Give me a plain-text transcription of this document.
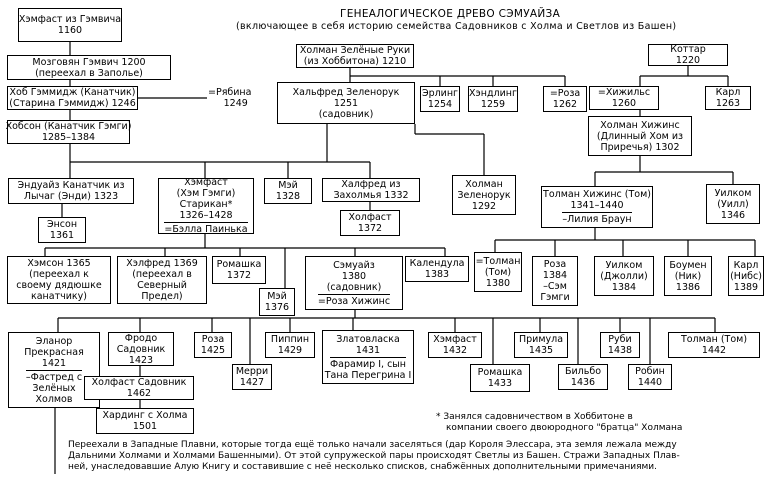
ГЕНЕАЛОГИЧЕСКОЕ ДРЕВО СЭМУАЙЗА
(включающее в себя историю семейства Садовников с Холма и Светлов из Башен)
Хэмфаст из Гэмвича
1160
Мозговян Гэмвич 1200
(переехал в Заполье)
Хоб Гэммидж (Канатчик)
(Старина Гэммидж) 1246
=Рябина
1249
Хобсон (Канатчик Гэмги)
1285–1384
Холман Зелёные Руки
(из Хоббитона) 1210
Хальфред Зеленорук
1251
(садовник)
Эрлинг
1254
Хэндлинг
1259
=Роза
1262
=Хижильс
1260
Коттар
1220
Карл
1263
Холман Хижинс
(Длинный Хом из
Приречья) 1302
Холман
Зеленорук
1292
Толман Хижинс (Том)
1341–1440
–Лилия Браун
Уилком
(Уилл)
1346
Эндуайз Канатчик из
Лычаг (Энди) 1323
Энсон
1361
Хэмфаст
(Хэм Гэмги)
Старикан*
1326–1428
=Бэлла Паинька
Мэй
1328
Халфред из
Захолмья 1332
Холфаст
1372
Хэмсон 1365
(переехал к
своему дядюшке
канатчику)
Хэлфред 1369
(переехал в
Северный
Предел)
Ромашка
1372
Мэй
1376
Сэмуайз
1380
(садовник)
=Роза Хижинс
Календула
1383
=Толман
(Том)
1380
Роза
1384
–Сэм
Гэмги
Уилком
(Джолли)
1384
Боумен
(Ник)
1386
Карл
(Нибс)
1389
Эланор
Прекрасная
1421
–Фастред с
Зелёных
Холмов
Фродо
Садовник
1423
Роза
1425
Мерри
1427
Пиппин
1429
Златовласка
1431
Фарамир I, сын
Тана Перегрина I
Хэмфаст
1432
Ромашка
1433
Примула
1435
Бильбо
1436
Руби
1438
Робин
1440
Толман (Том)
1442
Холфаст Садовник
1462
Хардинг с Холма
1501
* Занялся садовничеством в Хоббитоне в
компании своего двоюродного "братца" Холмана
Переехали в Западные Плавни, которые тогда ещё только начали заселяться (дар Короля Элессара, эта земля лежала между
Дальними Холмами и Холмами Башенными). От этой супружеской пары происходят Светлы из Башен. Стражи Западных Плав-
ней, унаследовавшие Алую Книгу и составившие с неё несколько списков, снабжённых дополнительными примечаниями.
